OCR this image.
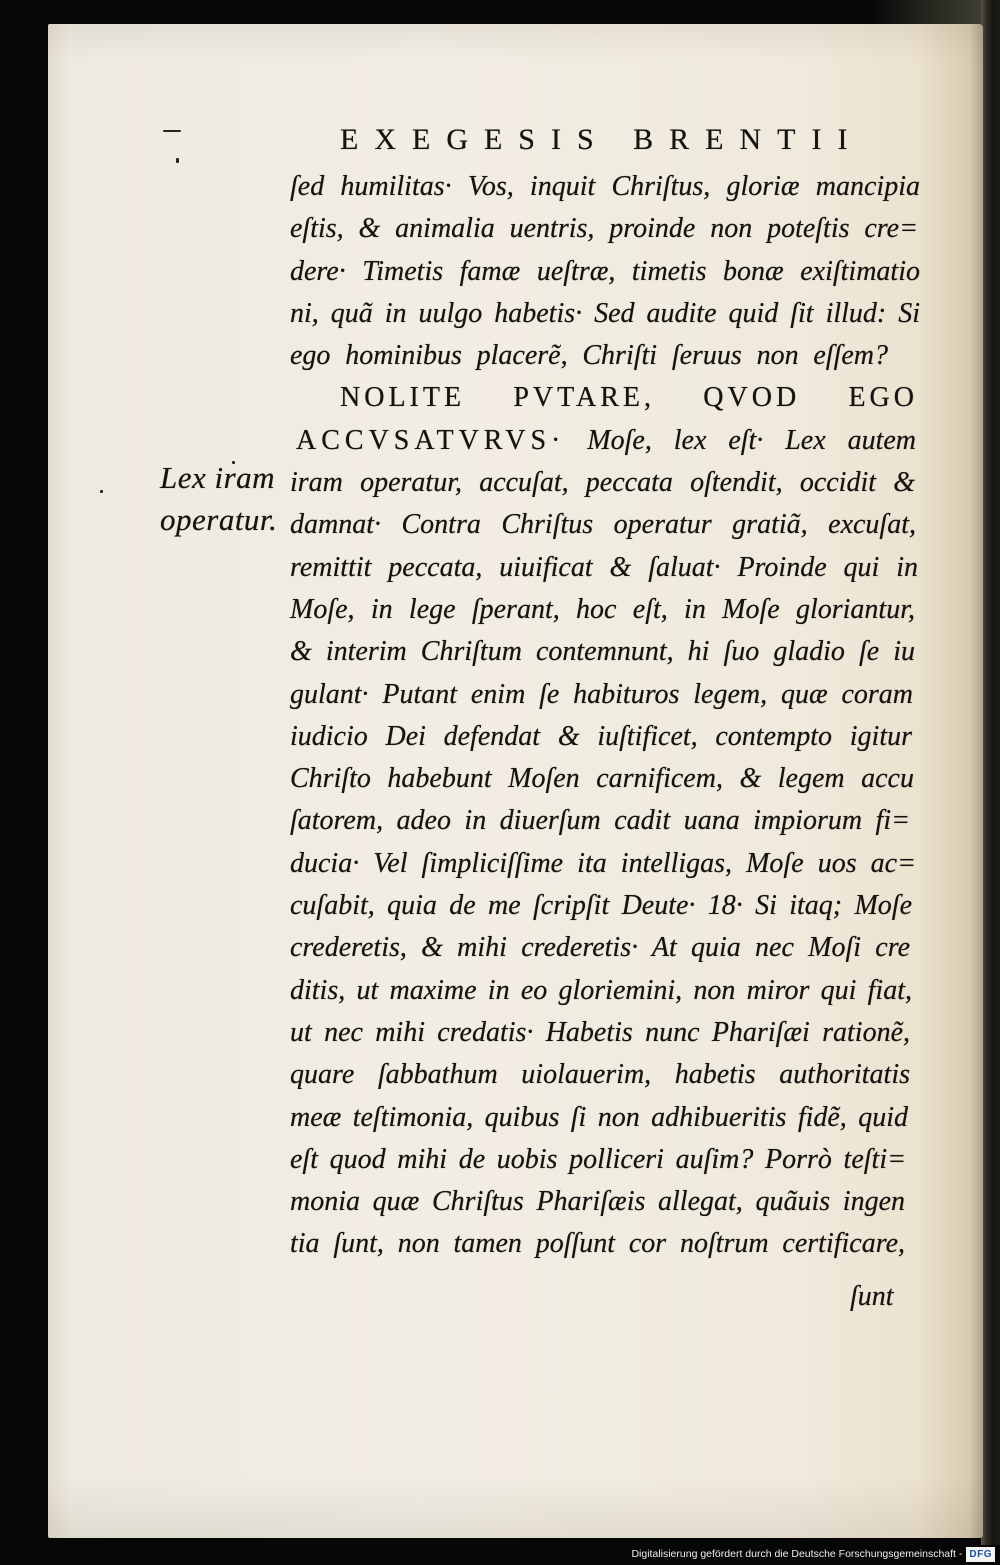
EXEGESIS BRENTII
Lex iram
operatur.
ſed humilitas· Vos, inquit Chriſtus, gloriæ mancipia
eſtis, & animalia uentris, proinde non poteſtis cre=
dere· Timetis famæ ueſtræ, timetis bonæ exiſtimatio
ni, quã in uulgo habetis· Sed audite quid ſit illud: Si
ego hominibus placerẽ, Chriſti ſeruus non eſſem?
NOLITE PVTARE, QVOD EGO
ACCVSATVRVS· Moſe, lex eſt· Lex autem
iram operatur, accuſat, peccata oſtendit, occidit &
damnat· Contra Chriſtus operatur gratiã, excuſat,
remittit peccata, uiuificat & ſaluat· Proinde qui in
Moſe, in lege ſperant, hoc eſt, in Moſe gloriantur,
& interim Chriſtum contemnunt, hi ſuo gladio ſe iu
gulant· Putant enim ſe habituros legem, quæ coram
iudicio Dei defendat & iuſtificet, contempto igitur
Chriſto habebunt Moſen carnificem, & legem accu
ſatorem, adeo in diuerſum cadit uana impiorum fi=
ducia· Vel ſimpliciſſime ita intelligas, Moſe uos ac=
cuſabit, quia de me ſcripſit Deute· 18· Si itaq; Moſe
crederetis, & mihi crederetis· At quia nec Moſi cre
ditis, ut maxime in eo gloriemini, non miror qui fiat,
ut nec mihi credatis· Habetis nunc Phariſæi rationẽ,
quare ſabbathum uiolauerim, habetis authoritatis
meæ teſtimonia, quibus ſi non adhibueritis fidẽ, quid
eſt quod mihi de uobis polliceri auſim? Porrò teſti=
monia quæ Chriſtus Phariſæis allegat, quãuis ingen
tia ſunt, non tamen poſſunt cor noſtrum certificare,
ſunt
Digitalisierung gefördert durch die Deutsche Forschungsgemeinschaft - DFG
